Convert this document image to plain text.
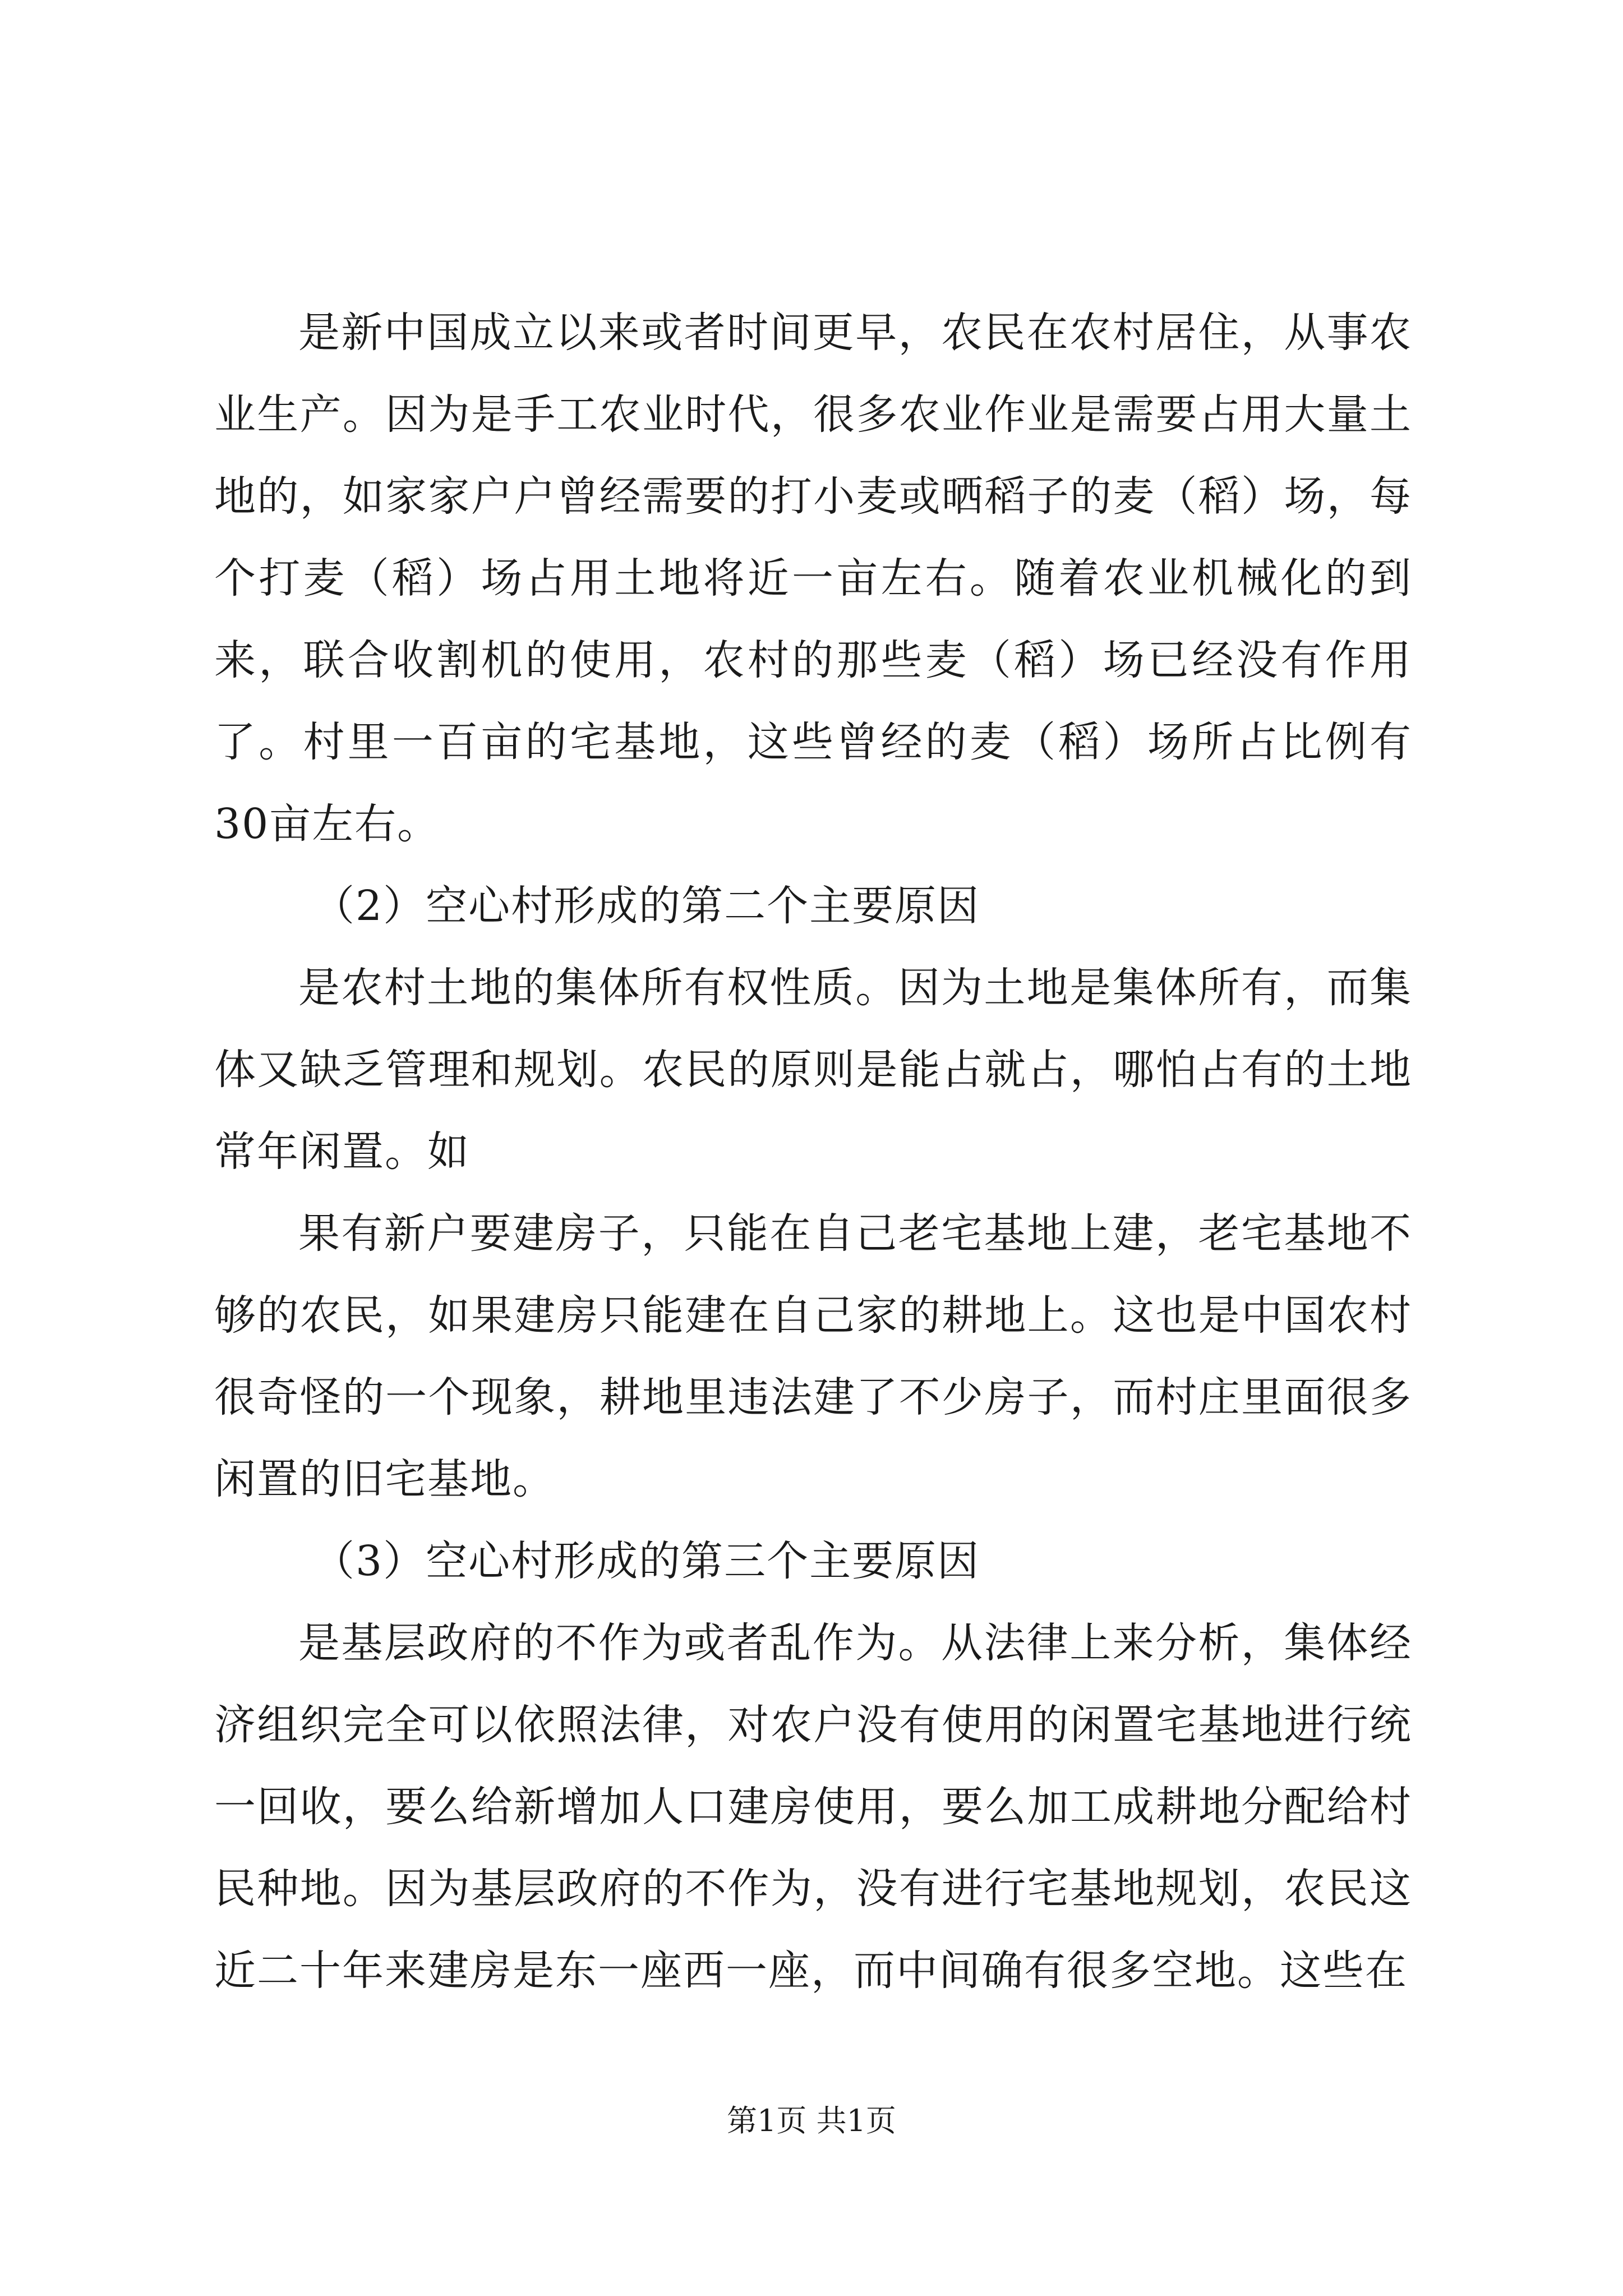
是新中国成立以来或者时间更早，农民在农村居住，从事农业生产。因为是手工农业时代，很多农业作业是需要占用大量土地的，如家家户户曾经需要的打小麦或晒稻子的麦（稻）场，每个打麦（稻）场占用土地将近一亩左右。随着农业机械化的到来，联合收割机的使用，农村的那些麦（稻）场已经没有作用了。村里一百亩的宅基地，这些曾经的麦（稻）场所占比例有30亩左右。

（2）空心村形成的第二个主要原因

是农村土地的集体所有权性质。因为土地是集体所有，而集体又缺乏管理和规划。农民的原则是能占就占，哪怕占有的土地常年闲置。如

果有新户要建房子，只能在自己老宅基地上建，老宅基地不够的农民，如果建房只能建在自己家的耕地上。这也是中国农村很奇怪的一个现象，耕地里违法建了不少房子，而村庄里面很多闲置的旧宅基地。

（3）空心村形成的第三个主要原因

是基层政府的不作为或者乱作为。从法律上来分析，集体经济组织完全可以依照法律，对农户没有使用的闲置宅基地进行统一回收，要么给新增加人口建房使用，要么加工成耕地分配给村民种地。因为基层政府的不作为，没有进行宅基地规划，农民这近二十年来建房是东一座西一座，而中间确有很多空地。这些在

第1页 共1页
